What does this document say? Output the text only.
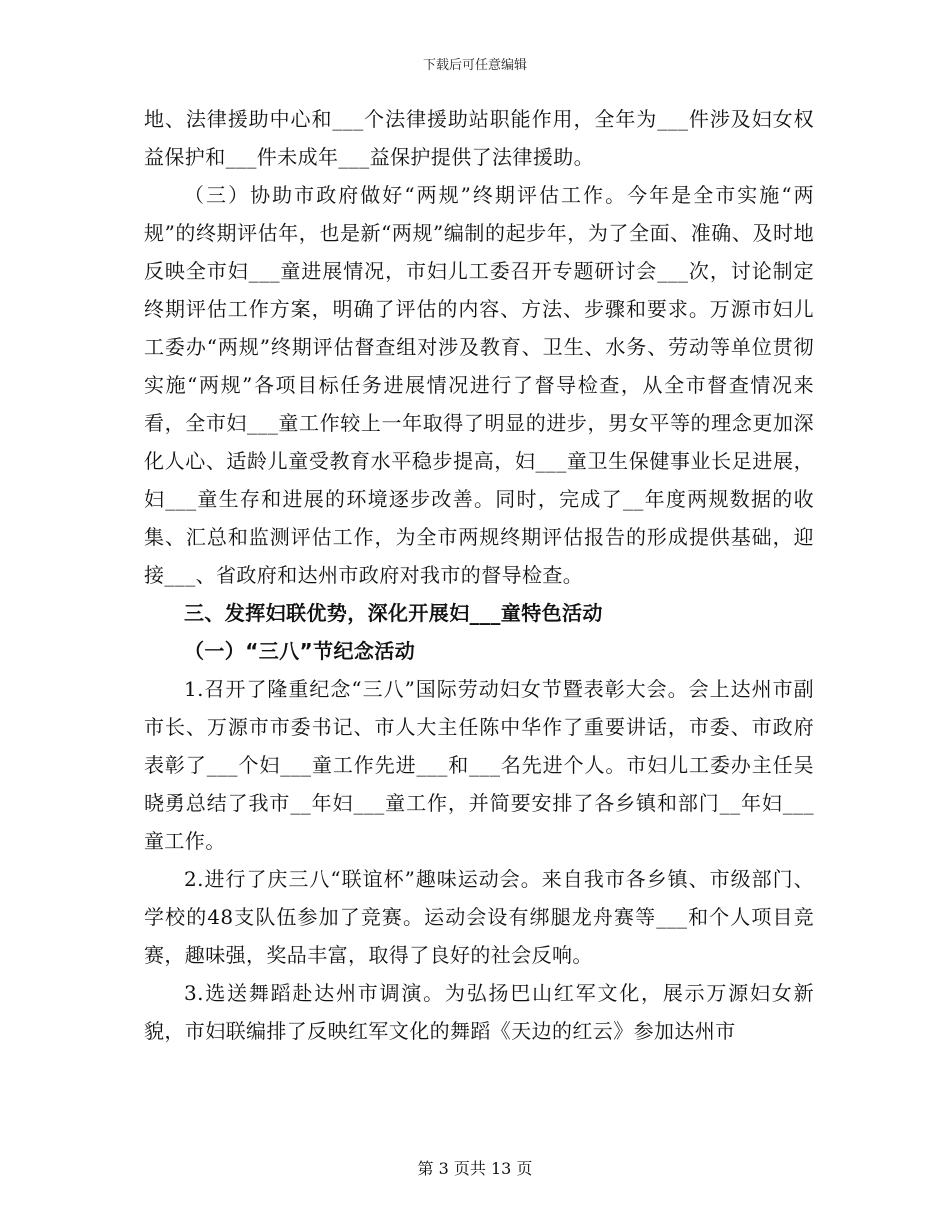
下载后可任意编辑

地、法律援助中心和___个法律援助站职能作用，全年为___件涉及妇女权益保护和___件未成年___益保护提供了法律援助。

（三）协助市政府做好“两规”终期评估工作。今年是全市实施“两规”的终期评估年，也是新“两规”编制的起步年，为了全面、准确、及时地反映全市妇___童进展情况，市妇儿工委召开专题研讨会___次，讨论制定终期评估工作方案，明确了评估的内容、方法、步骤和要求。万源市妇儿工委办“两规”终期评估督查组对涉及教育、卫生、水务、劳动等单位贯彻实施“两规”各项目标任务进展情况进行了督导检查，从全市督查情况来看，全市妇___童工作较上一年取得了明显的进步，男女平等的理念更加深化人心、适龄儿童受教育水平稳步提高，妇___童卫生保健事业长足进展，妇___童生存和进展的环境逐步改善。同时，完成了__年度两规数据的收集、汇总和监测评估工作，为全市两规终期评估报告的形成提供基础，迎接___、省政府和达州市政府对我市的督导检查。

三、发挥妇联优势，深化开展妇___童特色活动

（一）“三八”节纪念活动

1.召开了隆重纪念“三八”国际劳动妇女节暨表彰大会。会上达州市副市长、万源市市委书记、市人大主任陈中华作了重要讲话，市委、市政府表彰了___个妇___童工作先进___和___名先进个人。市妇儿工委办主任吴晓勇总结了我市__年妇___童工作，并简要安排了各乡镇和部门__年妇___童工作。

2.进行了庆三八“联谊杯”趣味运动会。来自我市各乡镇、市级部门、学校的48支队伍参加了竞赛。运动会设有绑腿龙舟赛等___和个人项目竞赛，趣味强，奖品丰富，取得了良好的社会反响。

3.选送舞蹈赴达州市调演。为弘扬巴山红军文化，展示万源妇女新貌，市妇联编排了反映红军文化的舞蹈《天边的红云》参加达州市

第 3 页共 13 页
